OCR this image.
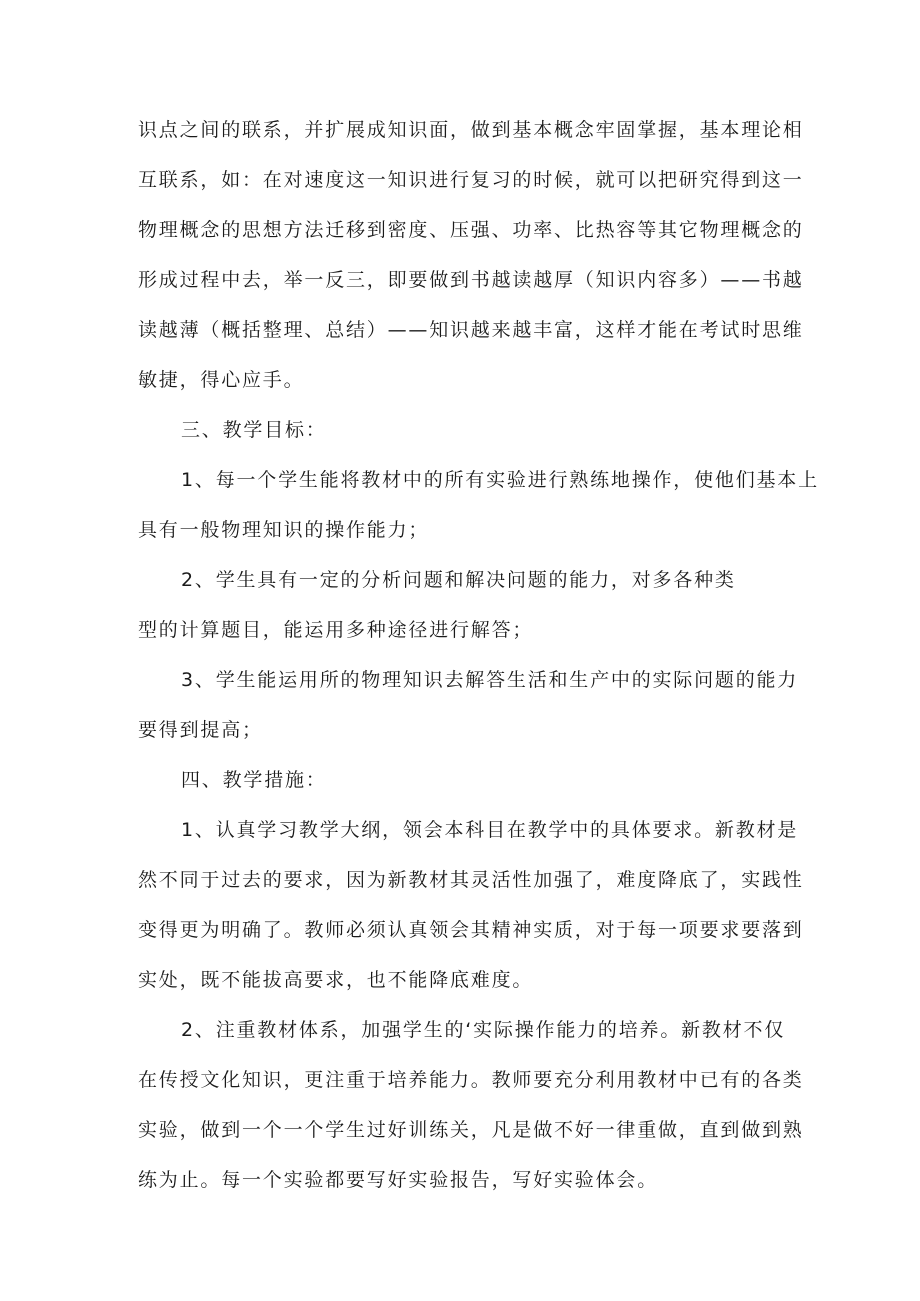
识点之间的联系，并扩展成知识面，做到基本概念牢固掌握，基本理论相

互联系，如：在对速度这一知识进行复习的时候，就可以把研究得到这一

物理概念的思想方法迁移到密度、压强、功率、比热容等其它物理概念的

形成过程中去，举一反三，即要做到书越读越厚（知识内容多）——书越

读越薄（概括整理、总结）——知识越来越丰富，这样才能在考试时思维

敏捷，得心应手。

三、教学目标：

1、每一个学生能将教材中的所有实验进行熟练地操作，使他们基本上

具有一般物理知识的操作能力；

2、学生具有一定的分析问题和解决问题的能力，对多各种类

型的计算题目，能运用多种途径进行解答；

3、学生能运用所的物理知识去解答生活和生产中的实际问题的能力

要得到提高；

四、教学措施：

1、认真学习教学大纲，领会本科目在教学中的具体要求。新教材是

然不同于过去的要求，因为新教材其灵活性加强了，难度降底了，实践性

变得更为明确了。教师必须认真领会其精神实质，对于每一项要求要落到

实处，既不能拔高要求，也不能降底难度。

2、注重教材体系，加强学生的‘实际操作能力的培养。新教材不仅

在传授文化知识，更注重于培养能力。教师要充分利用教材中已有的各类

实验，做到一个一个学生过好训练关，凡是做不好一律重做，直到做到熟

练为止。每一个实验都要写好实验报告，写好实验体会。
